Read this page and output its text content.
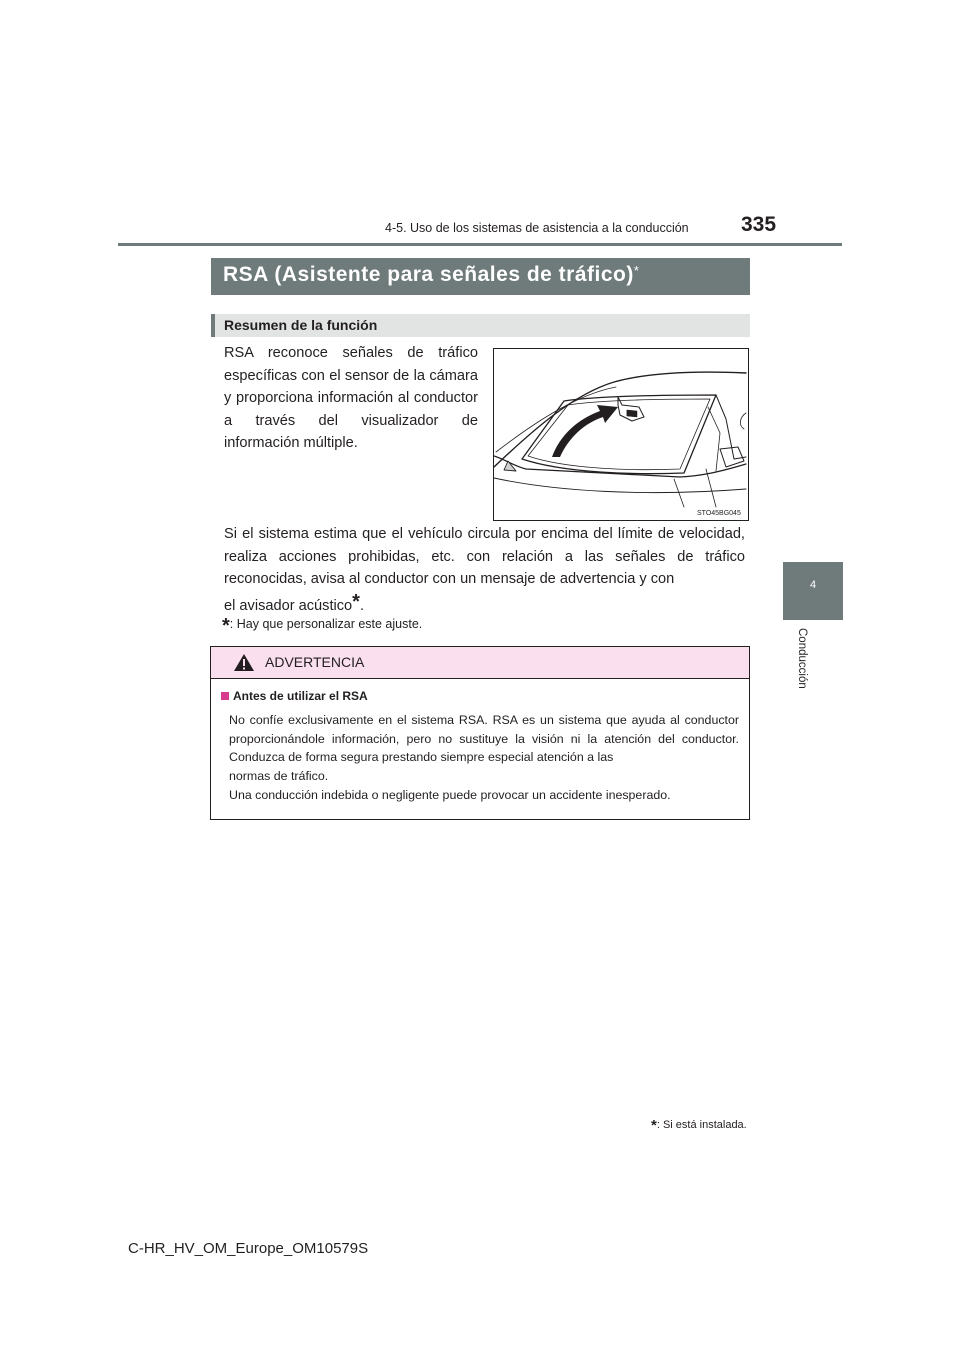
4-5. Uso de los sistemas de asistencia a la conducción 335
4
Conducción
RSA (Asistente para señales de tráfico)*
Resumen de la función
RSA reconoce señales de tráfico específicas con el sensor de la cámara y proporciona información al conductor a través del visualizador de información múltiple.
STO45BG045
Si el sistema estima que el vehículo circula por encima del límite de velocidad, realiza acciones prohibidas, etc. con relación a las señales de tráfico reconocidas, avisa al conductor con un mensaje de advertencia y con
el avisador acústico*.
*: Hay que personalizar este ajuste.
ADVERTENCIA
Antes de utilizar el RSA
No confíe exclusivamente en el sistema RSA. RSA es un sistema que ayuda al conductor proporcionándole información, pero no sustituye la visión ni la atención del conductor. Conduzca de forma segura prestando siempre especial atención a las
normas de tráfico.
Una conducción indebida o negligente puede provocar un accidente inesperado.
*: Si está instalada.
C-HR_HV_OM_Europe_OM10579S
